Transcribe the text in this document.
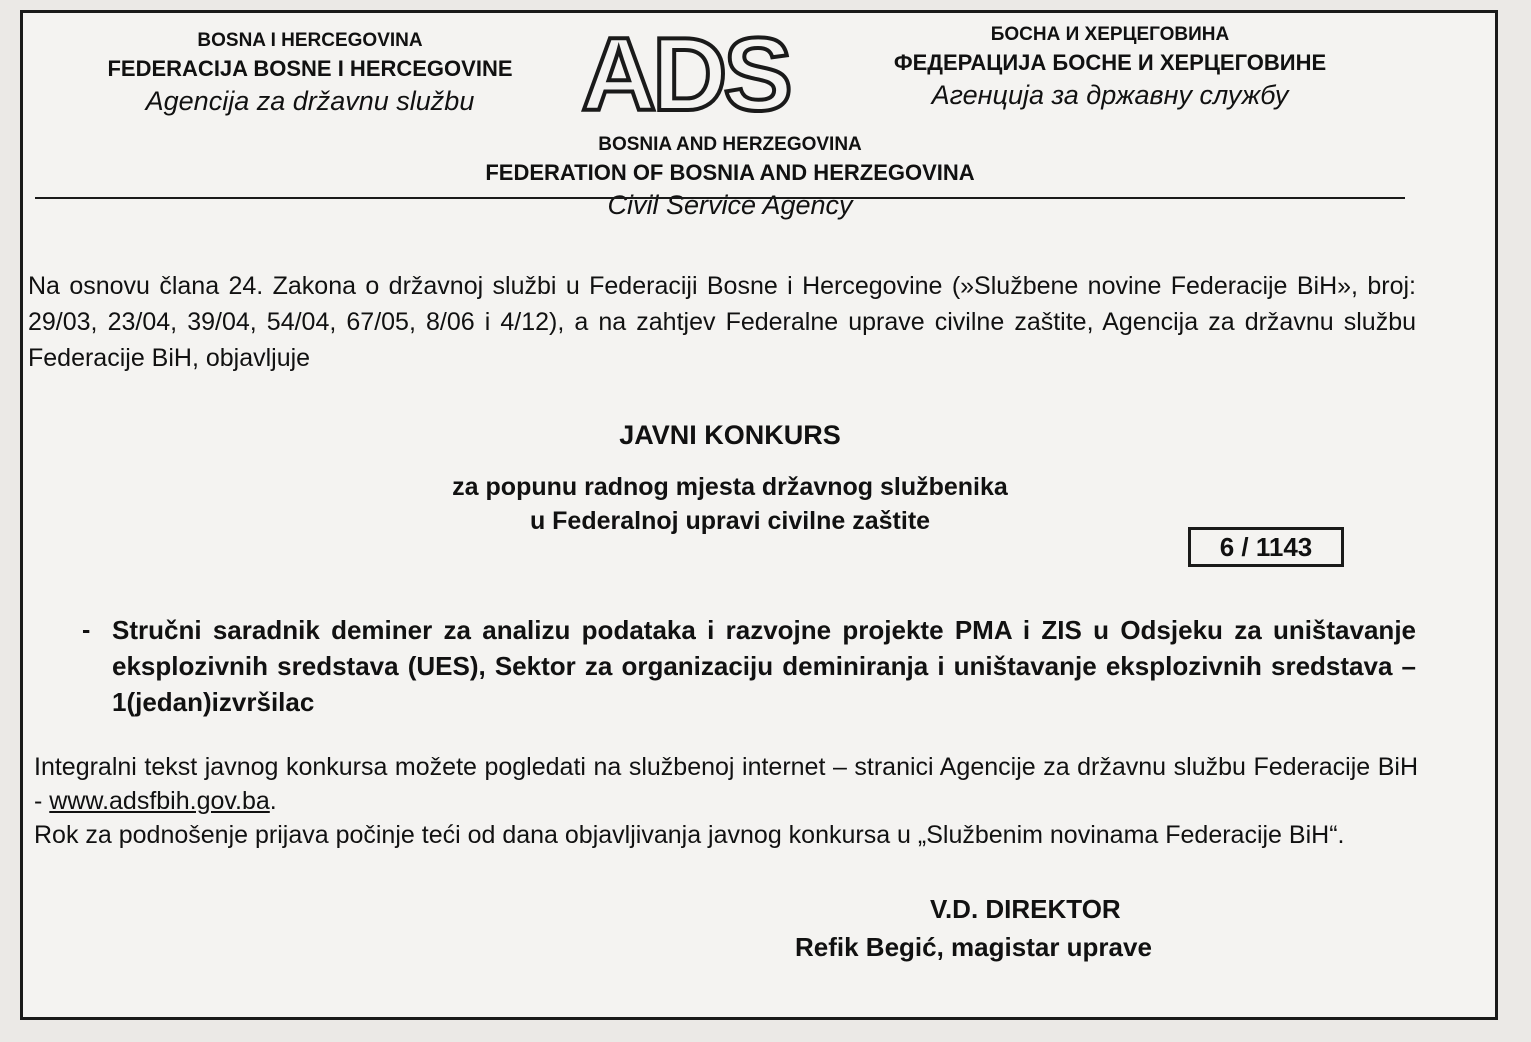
BOSNA I HERCEGOVINA
FEDERACIJA BOSNE I HERCEGOVINE
Agencija za državnu službu	ADS	БОСНА И ХЕРЦЕГОВИНА
ФЕДЕРАЦИЈА БОСНЕ И ХЕРЦЕГОВИНЕ
Агенција за државну службу
BOSNIA AND HERZEGOVINA
FEDERATION OF BOSNIA AND HERZEGOVINA
Civil Service Agency
Na osnovu člana 24. Zakona o državnoj službi u Federaciji Bosne i Hercegovine (»Službene novine Federacije BiH», broj: 29/03, 23/04, 39/04, 54/04, 67/05, 8/06 i 4/12), a na zahtjev Federalne uprave civilne zaštite, Agencija za državnu službu Federacije BiH, objavljuje
JAVNI KONKURS
za popunu radnog mjesta državnog službenika
u Federalnoj upravi civilne zaštite
6 / 1143
- Stručni saradnik deminer za analizu podataka i razvojne projekte PMA i ZIS u Odsjeku za uništavanje eksplozivnih sredstava (UES), Sektor za organizaciju deminiranja i uništavanje eksplozivnih sredstava – 1(jedan)izvršilac
Integralni tekst javnog konkursa možete pogledati na službenoj internet – stranici Agencije za državnu službu Federacije BiH - www.adsfbih.gov.ba.
Rok za podnošenje prijava počinje teći od dana objavljivanja javnog konkursa u „Službenim novinama Federacije BiH“.
V.D. DIREKTOR
Refik Begić, magistar uprave
